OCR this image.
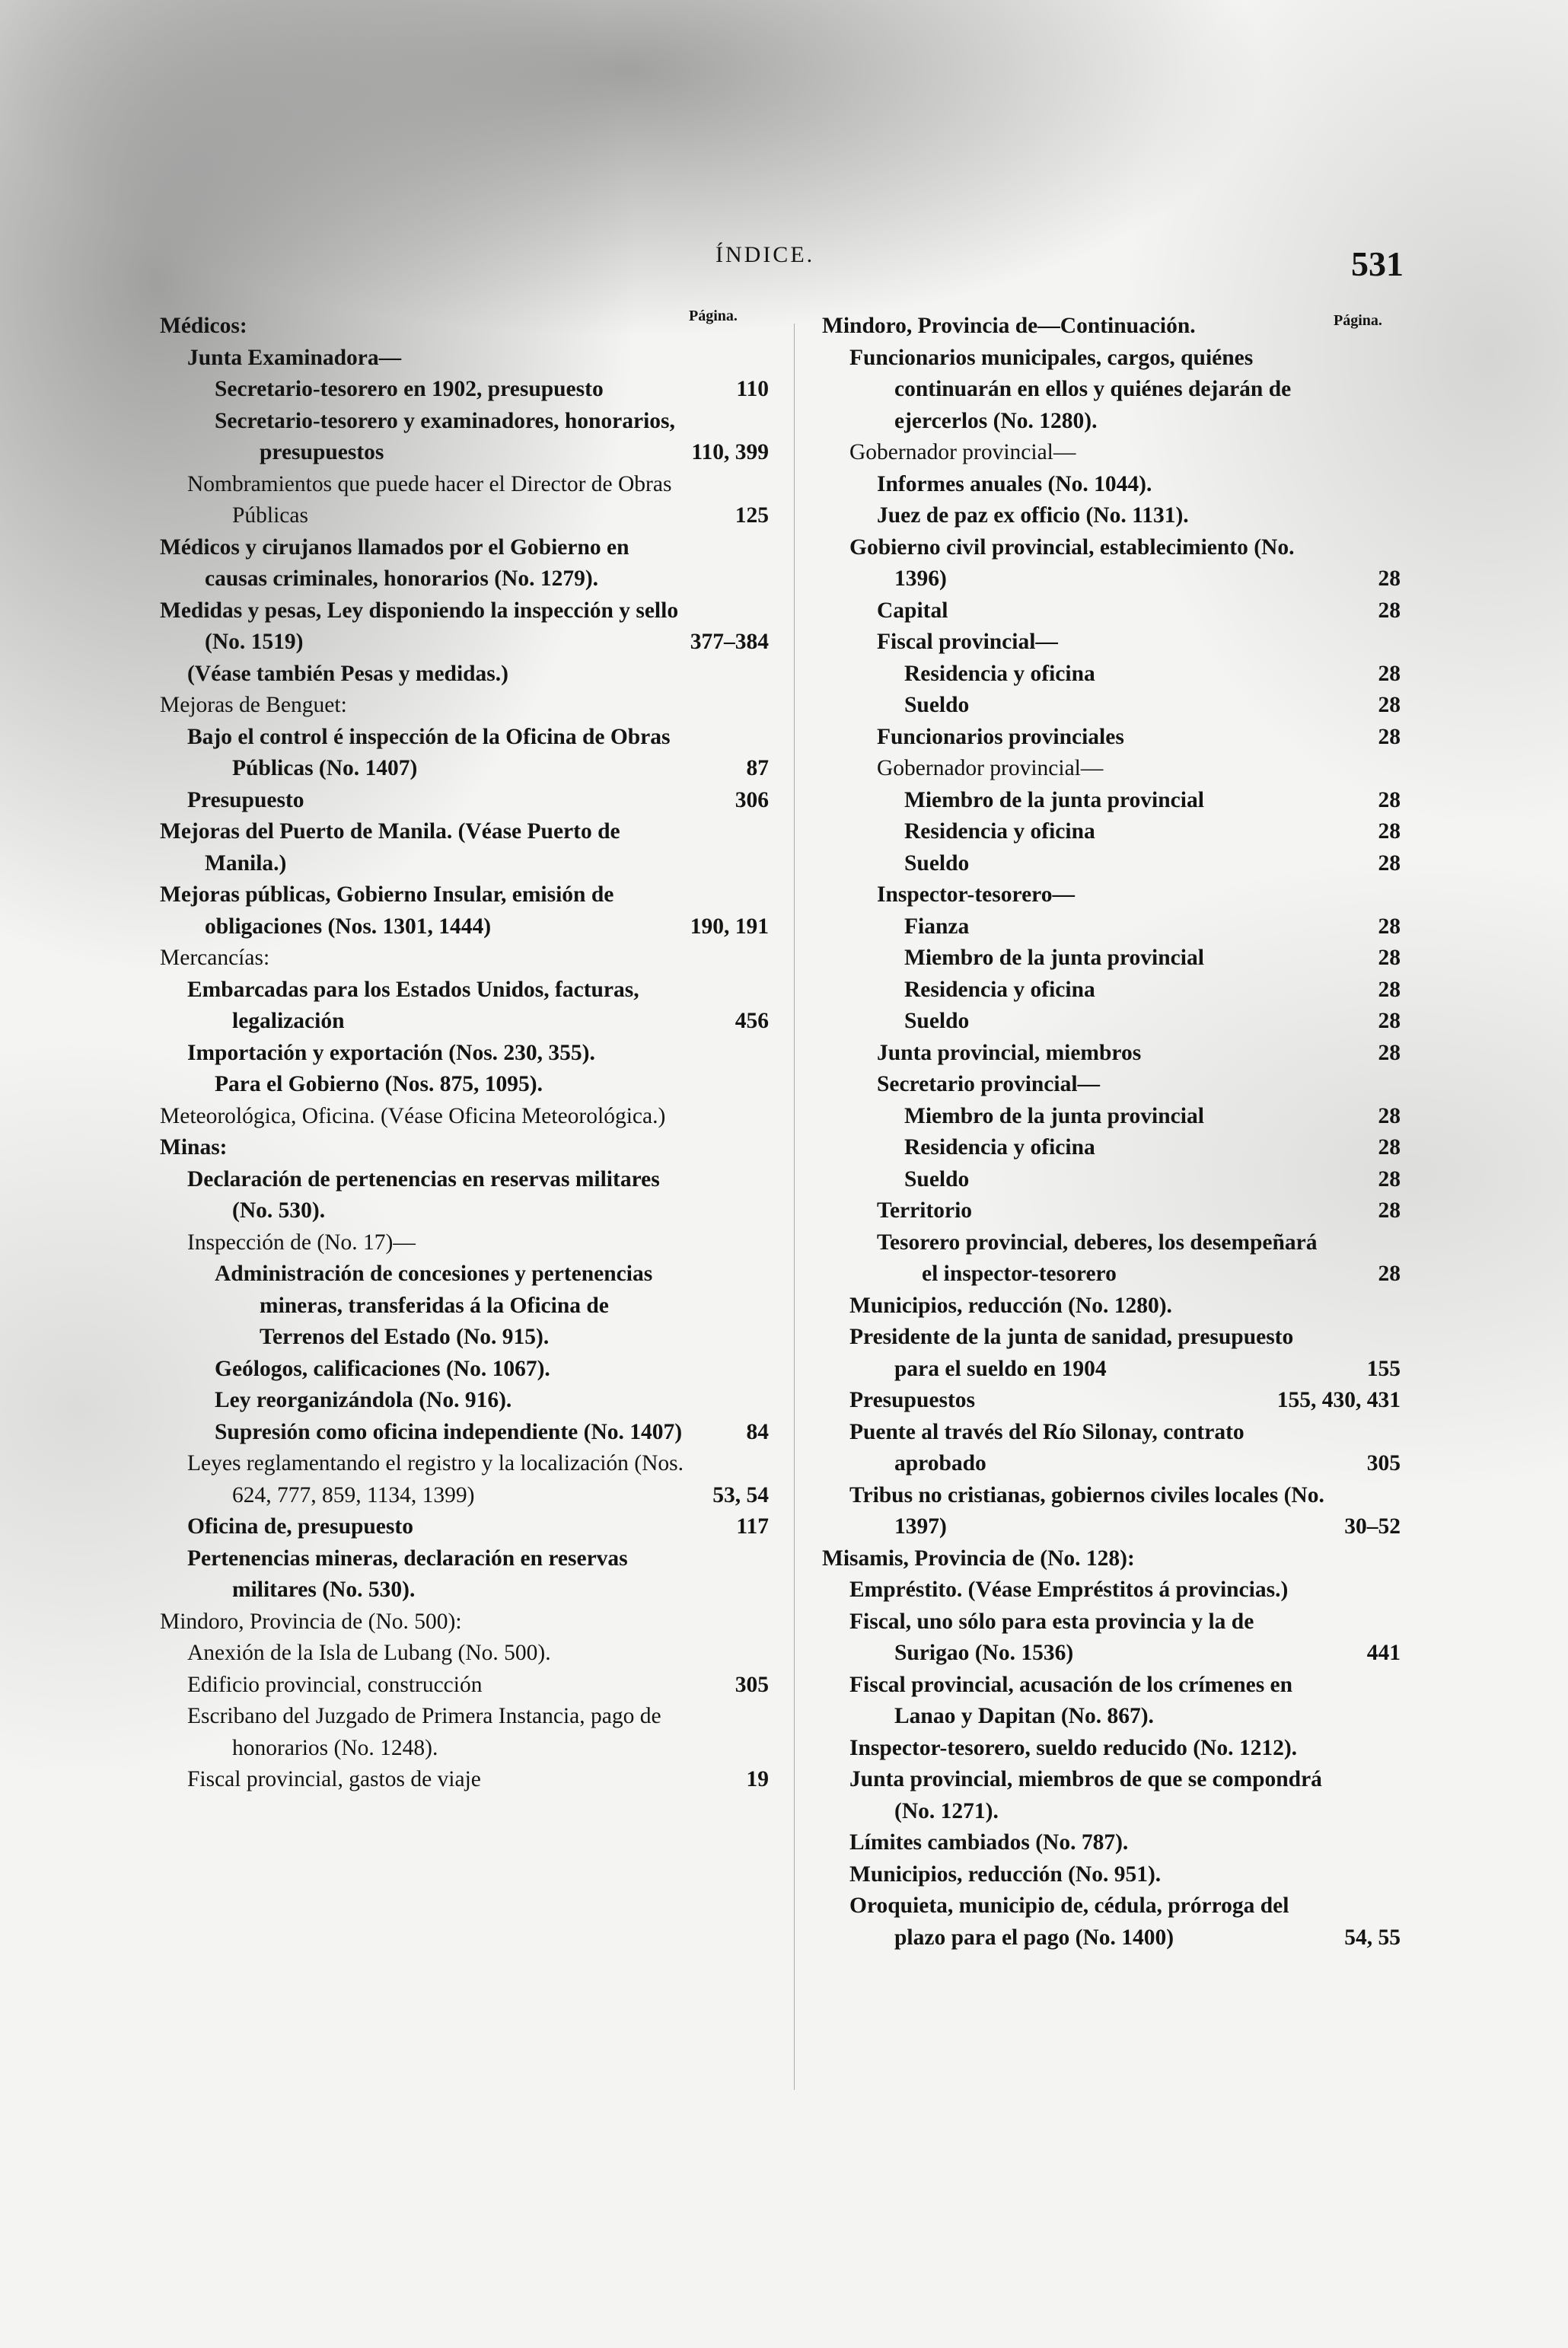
ÍNDICE.	531
Página.	Página.
Médicos:
Junta Examinadora—
Secretario-tesorero en 1902, presupuesto	110
Secretario-tesorero y examinadores, honorarios, presupuestos	110, 399
Nombramientos que puede hacer el Director de Obras Públicas	125
Médicos y cirujanos llamados por el Gobierno en causas criminales, honorarios (No. 1279).
Medidas y pesas, Ley disponiendo la inspección y sello (No. 1519)	377–384
(Véase también Pesas y medidas.)
Mejoras de Benguet:
Bajo el control é inspección de la Oficina de Obras Públicas (No. 1407)	87
Presupuesto	306
Mejoras del Puerto de Manila. (Véase Puerto de Manila.)
Mejoras públicas, Gobierno Insular, emisión de obligaciones (Nos. 1301, 1444)	190, 191
Mercancías:
Embarcadas para los Estados Unidos, facturas, legalización	456
Importación y exportación (Nos. 230, 355).
Para el Gobierno (Nos. 875, 1095).
Meteorológica, Oficina. (Véase Oficina Meteorológica.)
Minas:
Declaración de pertenencias en reservas militares (No. 530).
Inspección de (No. 17)—
Administración de concesiones y pertenencias mineras, transferidas á la Oficina de Terrenos del Estado (No. 915).
Geólogos, calificaciones (No. 1067).
Ley reorganizándola (No. 916).
Supresión como oficina independiente (No. 1407)	84
Leyes reglamentando el registro y la localización (Nos. 624, 777, 859, 1134, 1399)	53, 54
Oficina de, presupuesto	117
Pertenencias mineras, declaración en reservas militares (No. 530).
Mindoro, Provincia de (No. 500):
Anexión de la Isla de Lubang (No. 500).
Edificio provincial, construcción	305
Escribano del Juzgado de Primera Instancia, pago de honorarios (No. 1248).
Fiscal provincial, gastos de viaje	19
Mindoro, Provincia de—Continuación.
Funcionarios municipales, cargos, quiénes continuarán en ellos y quiénes dejarán de ejercerlos (No. 1280).
Gobernador provincial—
Informes anuales (No. 1044).
Juez de paz ex officio (No. 1131).
Gobierno civil provincial, establecimiento (No. 1396)	28
Capital	28
Fiscal provincial—
Residencia y oficina	28
Sueldo	28
Funcionarios provinciales	28
Gobernador provincial—
Miembro de la junta provincial	28
Residencia y oficina	28
Sueldo	28
Inspector-tesorero—
Fianza	28
Miembro de la junta provincial	28
Residencia y oficina	28
Sueldo	28
Junta provincial, miembros	28
Secretario provincial—
Miembro de la junta provincial	28
Residencia y oficina	28
Sueldo	28
Territorio	28
Tesorero provincial, deberes, los desempeñará el inspector-tesorero	28
Municipios, reducción (No. 1280).
Presidente de la junta de sanidad, presupuesto para el sueldo en 1904	155
Presupuestos	155, 430, 431
Puente al través del Río Silonay, contrato aprobado	305
Tribus no cristianas, gobiernos civiles locales (No. 1397)	30–52
Misamis, Provincia de (No. 128):
Empréstito. (Véase Empréstitos á provincias.)
Fiscal, uno sólo para esta provincia y la de Surigao (No. 1536)	441
Fiscal provincial, acusación de los crímenes en Lanao y Dapitan (No. 867).
Inspector-tesorero, sueldo reducido (No. 1212).
Junta provincial, miembros de que se compondrá (No. 1271).
Límites cambiados (No. 787).
Municipios, reducción (No. 951).
Oroquieta, municipio de, cédula, prórroga del plazo para el pago (No. 1400)	54, 55
